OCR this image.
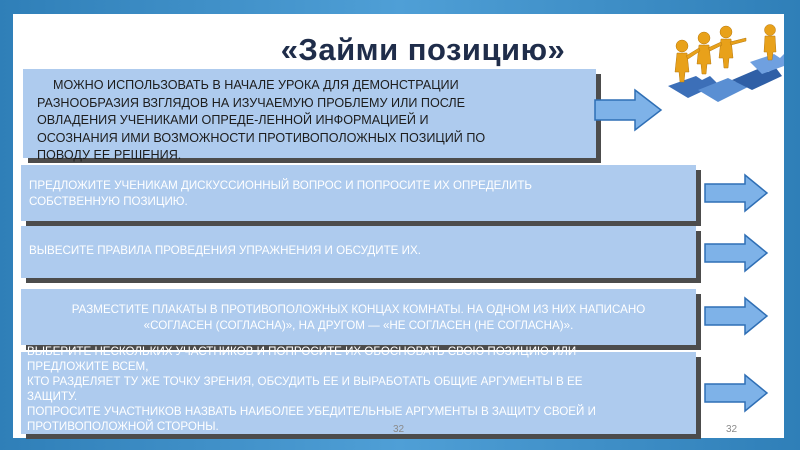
«Займи позицию»
МОЖНО ИСПОЛЬЗОВАТЬ В НАЧАЛЕ УРОКА ДЛЯ ДЕМОНСТРАЦИИ
РАЗНООБРАЗИЯ ВЗГЛЯДОВ НА ИЗУЧАЕМУЮ ПРОБЛЕМУ ИЛИ ПОСЛЕ
ОВЛАДЕНИЯ УЧЕНИКАМИ ОПРЕДЕ-ЛЕННОЙ ИНФОРМАЦИЕЙ И
ОСОЗНАНИЯ ИМИ ВОЗМОЖНОСТИ ПРОТИВОПОЛОЖНЫХ ПОЗИЦИЙ ПО
ПОВОДУ ЕЕ РЕШЕНИЯ.
ПРЕДЛОЖИТЕ УЧЕНИКАМ ДИСКУССИОННЫЙ ВОПРОС И ПОПРОСИТЕ ИХ ОПРЕДЕЛИТЬ
СОБСТВЕННУЮ ПОЗИЦИЮ.
ВЫВЕСИТЕ ПРАВИЛА ПРОВЕДЕНИЯ УПРАЖНЕНИЯ И ОБСУДИТЕ ИХ.
РАЗМЕСТИТЕ ПЛАКАТЫ В ПРОТИВОПОЛОЖНЫХ КОНЦАХ КОМНАТЫ. НА ОДНОМ ИЗ НИХ НАПИСАНО
«СОГЛАСЕН (СОГЛАСНА)», НА ДРУГОМ — «НЕ СОГЛАСЕН (НЕ СОГЛАСНА)».
ВЫБЕРИТЕ НЕСКОЛЬКИХ УЧАСТНИКОВ И ПОПРОСИТЕ ИХ ОБОСНОВАТЬ СВОЮ ПОЗИЦИЮ ИЛИ
ПРЕДЛОЖИТЕ ВСЕМ,
КТО РАЗДЕЛЯЕТ ТУ ЖЕ ТОЧКУ ЗРЕНИЯ, ОБСУДИТЬ ЕЕ И ВЫРАБОТАТЬ ОБЩИЕ АРГУМЕНТЫ В ЕЕ
ЗАЩИТУ.
ПОПРОСИТЕ УЧАСТНИКОВ НАЗВАТЬ НАИБОЛЕЕ УБЕДИТЕЛЬНЫЕ АРГУМЕНТЫ В ЗАЩИТУ СВОЕЙ И
ПРОТИВОПОЛОЖНОЙ СТОРОНЫ.	32	32
